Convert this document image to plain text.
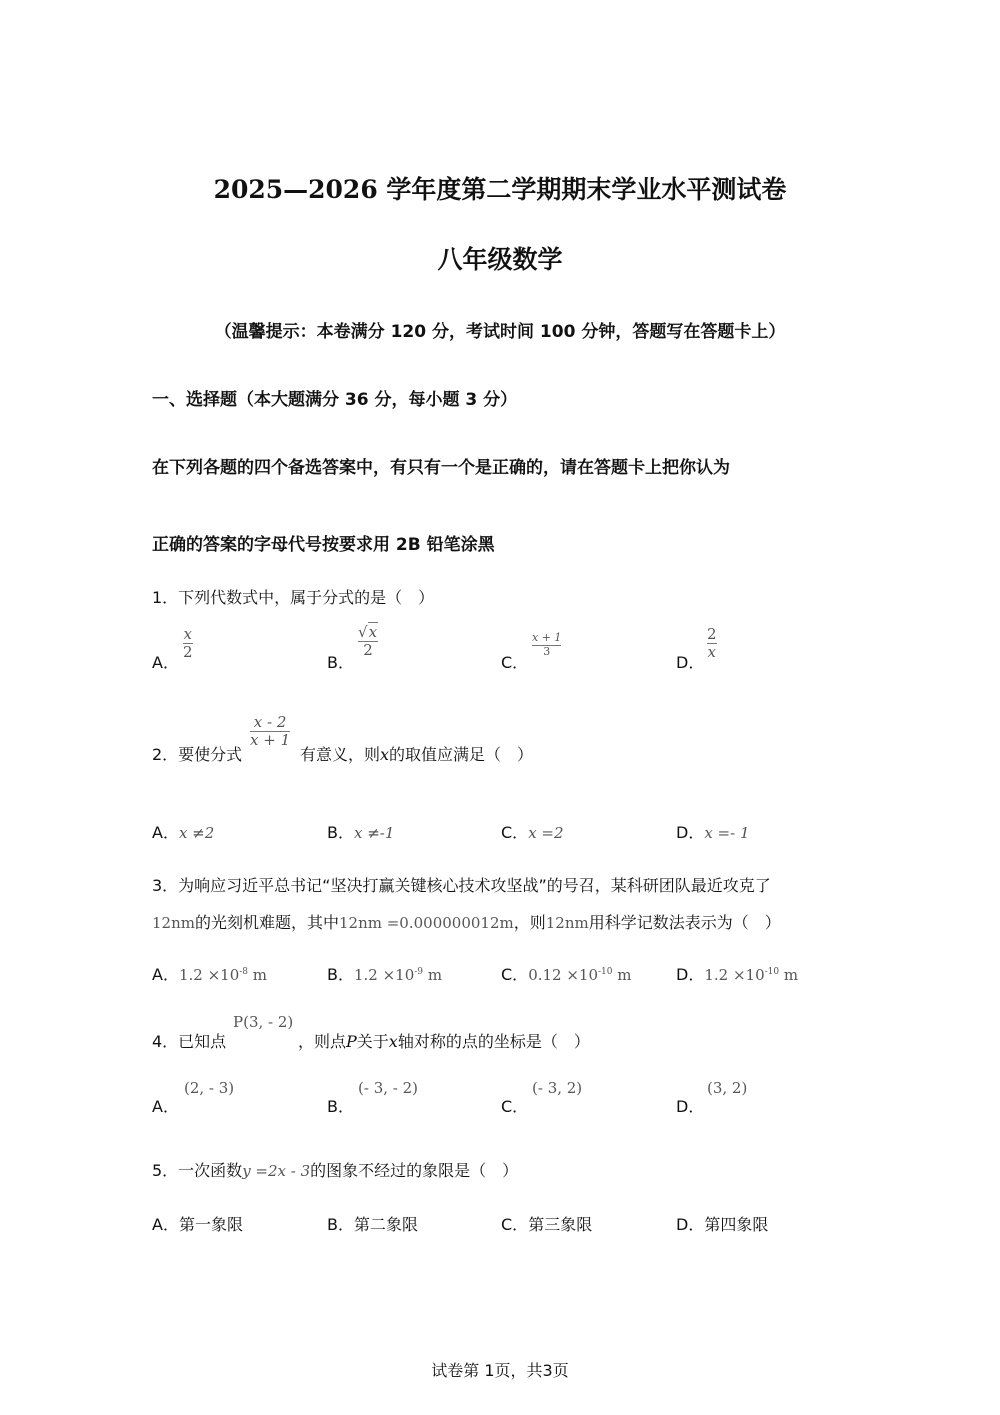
2025—2026 学年度第二学期期末学业水平测试卷
八年级数学
（温馨提示：本卷满分 120 分，考试时间 100 分钟，答题写在答题卡上）
一、选择题（本大题满分 36 分，每小题 3 分）
在下列各题的四个备选答案中，有只有一个是正确的，请在答题卡上把你认为
正确的答案的字母代号按要求用 2B 铅笔涂黑
1．下列代数式中，属于分式的是（　）
A．
x
2
B．
√x
2
C．
x + 1
3
D．
2
x
2．要使分式
x - 2
x + 1
有意义，则x的取值应满足（　）
A．x ≠2	B．x ≠-1	C．x =2	D．x =- 1
3．为响应习近平总书记“坚决打赢关键核心技术攻坚战”的号召，某科研团队最近攻克了
12nm的光刻机难题，其中12nm =0.000000012m，则12nm用科学记数法表示为（　）
A．$1.2 \times 10^{-8}$ m	B．$1.2 \times 10^{-9}$ m	C．$0.12 \times 10^{-10}$ m	D．$1.2 \times 10^{-10}$ m
4．已知点
P(3, - 2)
，则点P关于x轴对称的点的坐标是（　）
A．
(2, - 3)
B．
(- 3, - 2)
C．
(- 3, 2)
D．
(3, 2)
5．一次函数y =2x - 3的图象不经过的象限是（　）
A．第一象限	B．第二象限	C．第三象限	D．第四象限
试卷第 1页，共3页
